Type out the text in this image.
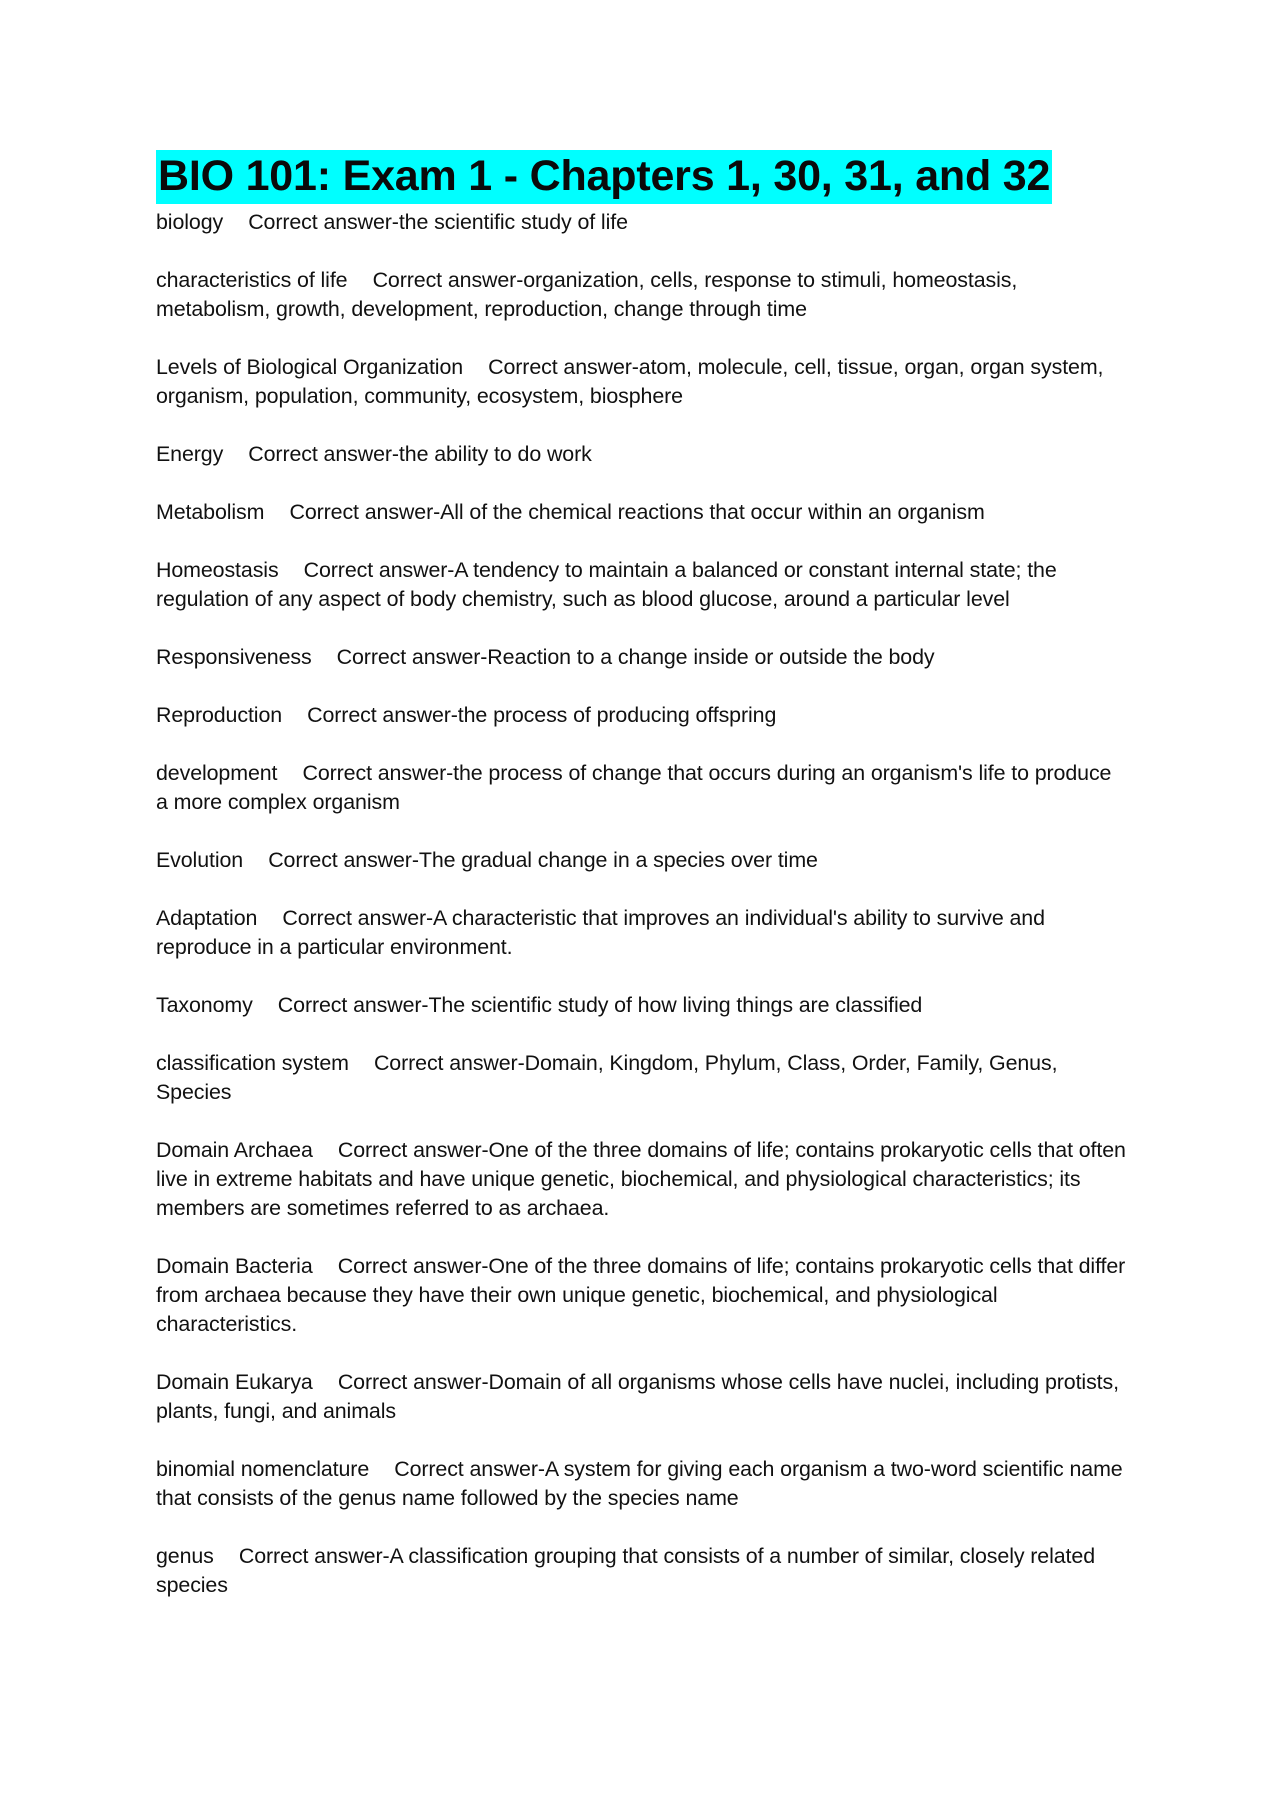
BIO 101: Exam 1 - Chapters 1, 30, 31, and 32

biology Correct answer-the scientific study of life

characteristics of life Correct answer-organization, cells, response to stimuli, homeostasis, metabolism, growth, development, reproduction, change through time

Levels of Biological Organization Correct answer-atom, molecule, cell, tissue, organ, organ system, organism, population, community, ecosystem, biosphere

Energy Correct answer-the ability to do work

Metabolism Correct answer-All of the chemical reactions that occur within an organism

Homeostasis Correct answer-A tendency to maintain a balanced or constant internal state; the regulation of any aspect of body chemistry, such as blood glucose, around a particular level

Responsiveness Correct answer-Reaction to a change inside or outside the body

Reproduction Correct answer-the process of producing offspring

development Correct answer-the process of change that occurs during an organism's life to produce a more complex organism

Evolution Correct answer-The gradual change in a species over time

Adaptation Correct answer-A characteristic that improves an individual's ability to survive and reproduce in a particular environment.

Taxonomy Correct answer-The scientific study of how living things are classified

classification system Correct answer-Domain, Kingdom, Phylum, Class, Order, Family, Genus, Species

Domain Archaea Correct answer-One of the three domains of life; contains prokaryotic cells that often live in extreme habitats and have unique genetic, biochemical, and physiological characteristics; its members are sometimes referred to as archaea.

Domain Bacteria Correct answer-One of the three domains of life; contains prokaryotic cells that differ from archaea because they have their own unique genetic, biochemical, and physiological characteristics.

Domain Eukarya Correct answer-Domain of all organisms whose cells have nuclei, including protists, plants, fungi, and animals

binomial nomenclature Correct answer-A system for giving each organism a two-word scientific name that consists of the genus name followed by the species name

genus Correct answer-A classification grouping that consists of a number of similar, closely related species
